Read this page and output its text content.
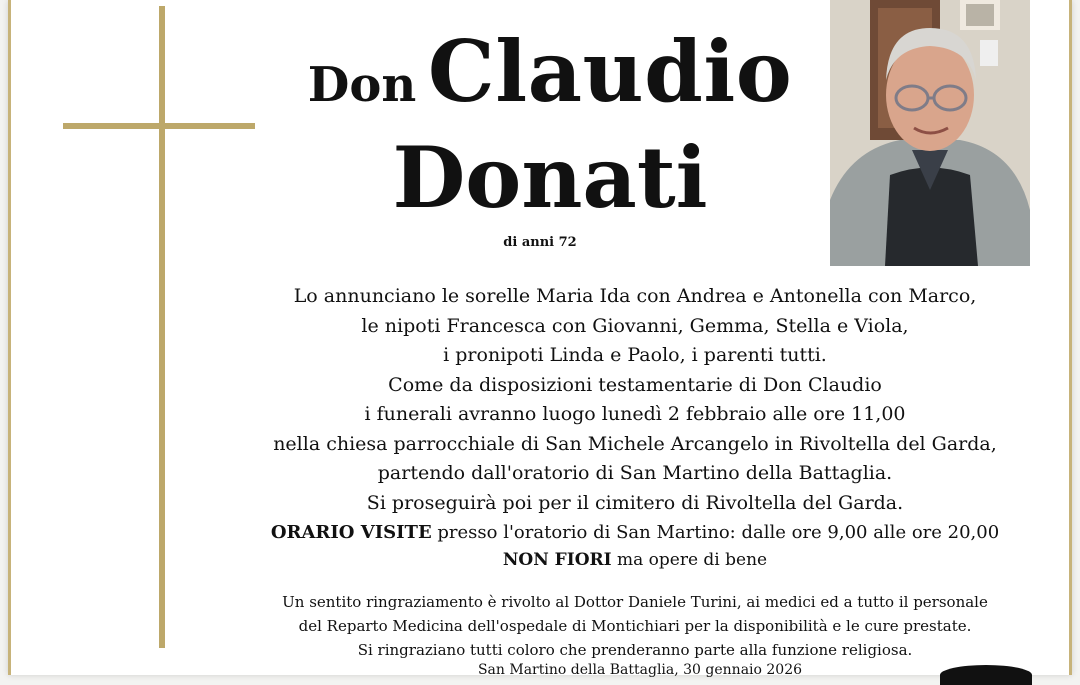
Don Claudio
Donati
di anni 72

Lo annunciano le sorelle Maria Ida con Andrea e Antonella con Marco,

le nipoti Francesca con Giovanni, Gemma, Stella e Viola,

i pronipoti Linda e Paolo, i parenti tutti.

Come da disposizioni testamentarie di Don Claudio

i funerali avranno luogo lunedì 2 febbraio alle ore 11,00

nella chiesa parrocchiale di San Michele Arcangelo in Rivoltella del Garda,

partendo dall'oratorio di San Martino della Battaglia.

Si proseguirà poi per il cimitero di Rivoltella del Garda.

ORARIO VISITE presso l'oratorio di San Martino: dalle ore 9,00 alle ore 20,00

NON FIORI ma opere di bene

Un sentito ringraziamento è rivolto al Dottor Daniele Turini, ai medici ed a tutto il personale

del Reparto Medicina dell'ospedale di Montichiari per la disponibilità e le cure prestate.

Si ringraziano tutti coloro che prenderanno parte alla funzione religiosa.

San Martino della Battaglia, 30 gennaio 2026
